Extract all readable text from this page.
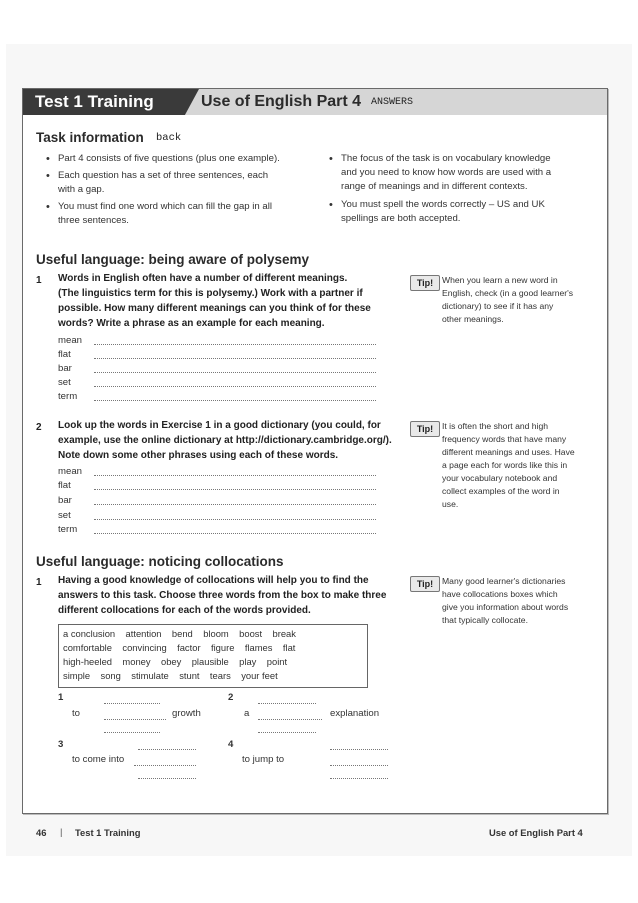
Test 1 Training	Use of English Part 4 ANSWERS
Task information back
• Part 4 consists of five questions (plus one example).
• Each question has a set of three sentences, each
with a gap.
• You must find one word which can fill the gap in all
three sentences.
• The focus of the task is on vocabulary knowledge
and you need to know how words are used with a
range of meanings and in different contexts.
• You must spell the words correctly – US and UK
spellings are both accepted.
Useful language: being aware of polysemy
1 Words in English often have a number of different meanings.
(The linguistics term for this is polysemy.) Work with a partner if
possible. How many different meanings can you think of for these
words? Write a phrase as an example for each meaning.
mean
flat
bar
set
term
Tip!	When you learn a new word in
English, check (in a good learner's
dictionary) to see if it has any
other meanings.
2 Look up the words in Exercise 1 in a good dictionary (you could, for
example, use the online dictionary at http://dictionary.cambridge.org/).
Note down some other phrases using each of these words.
mean
flat
bar
set
term
Tip!	It is often the short and high
frequency words that have many
different meanings and uses. Have
a page each for words like this in
your vocabulary notebook and
collect examples of the word in
use.
Useful language: noticing collocations
1 Having a good knowledge of collocations will help you to find the
answers to this task. Choose three words from the box to make three
different collocations for each of the words provided.
Tip!	Many good learner's dictionaries
have collocations boxes which
give you information about words
that typically collocate.
a conclusion    attention    bend    bloom    boost    break
comfortable    convincing    factor    figure    flames    flat
high-heeled    money    obey    plausible    play    point
simple    song    stimulate    stunt    tears    your feet
1
to	growth
2
a	explanation
3
to come into
4
to jump to
46 | Test 1 Training	Use of English Part 4
